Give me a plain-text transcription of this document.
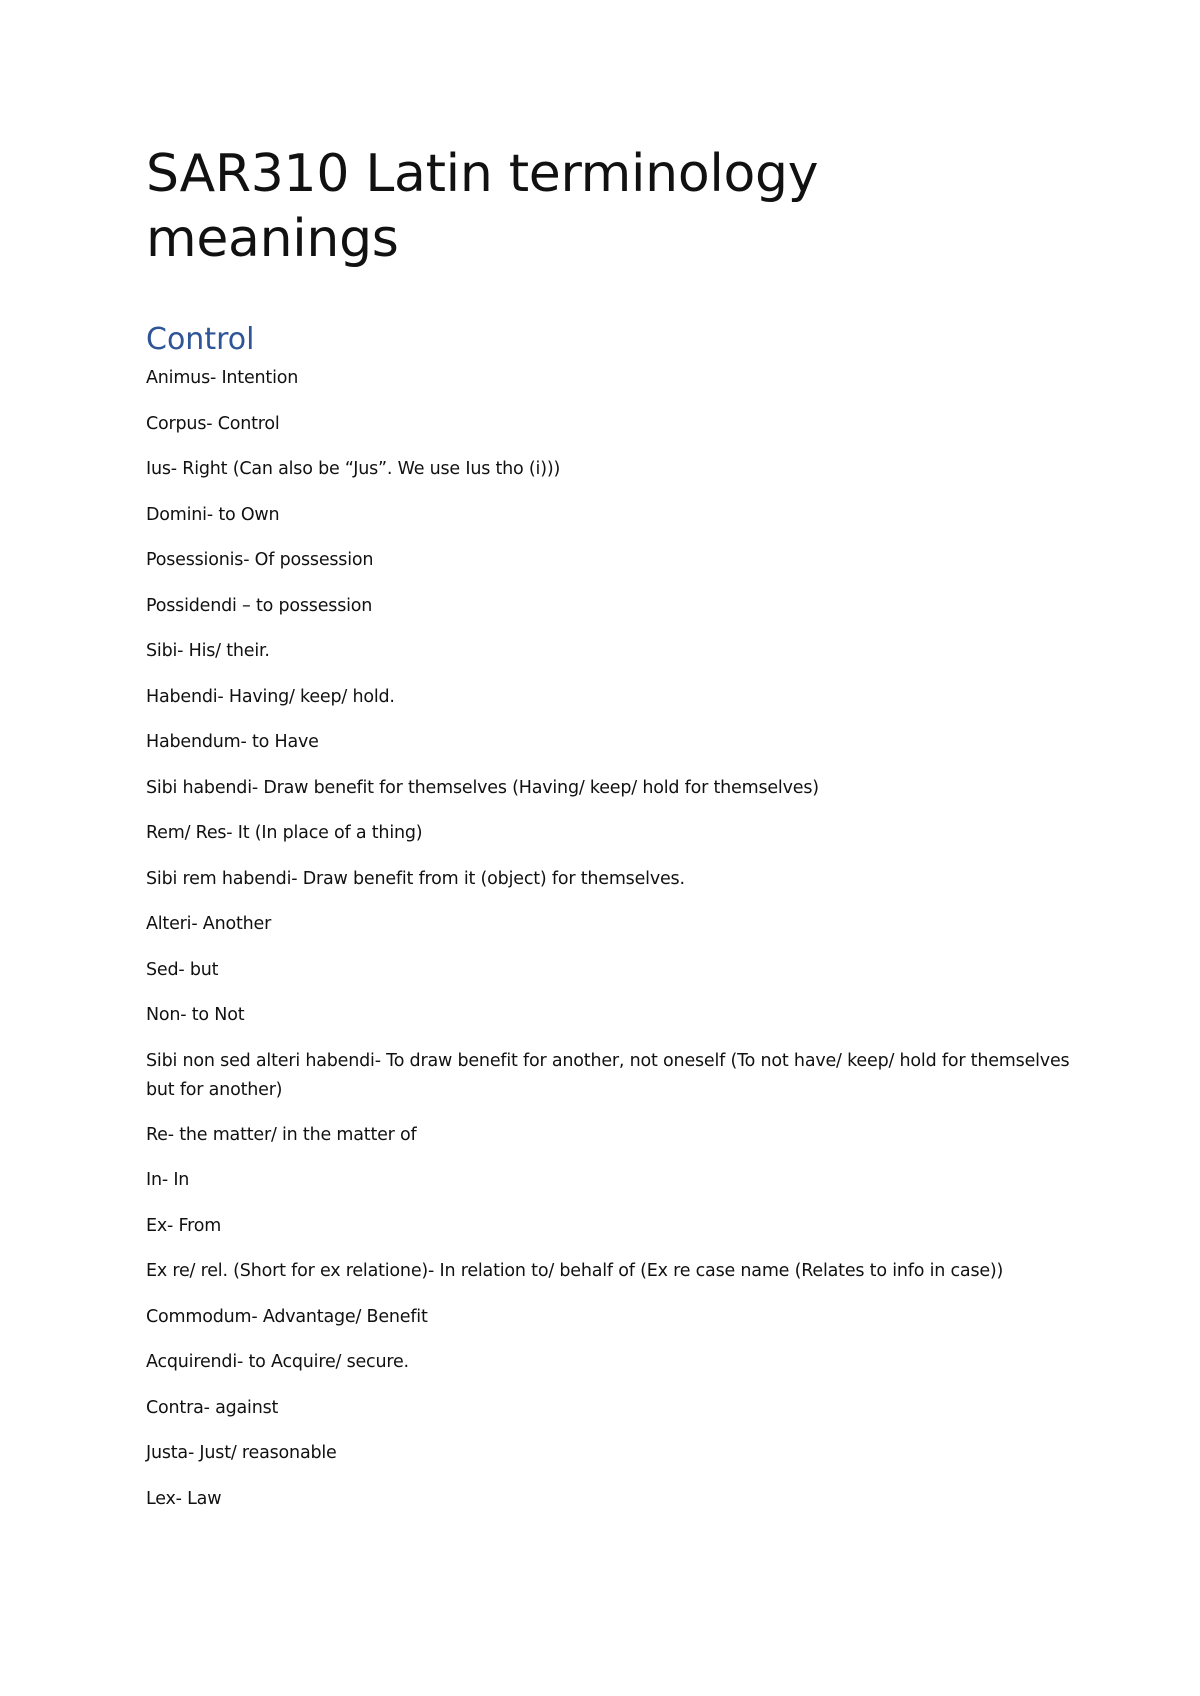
SAR310 Latin terminology meanings
Control
Animus- Intention
Corpus- Control
Ius- Right (Can also be “Jus”. We use Ius tho (i)))
Domini- to Own
Posessionis- Of possession
Possidendi – to possession
Sibi- His/ their.
Habendi- Having/ keep/ hold.
Habendum- to Have
Sibi habendi- Draw benefit for themselves (Having/ keep/ hold for themselves)
Rem/ Res- It (In place of a thing)
Sibi rem habendi- Draw benefit from it (object) for themselves.
Alteri- Another
Sed- but
Non- to Not
Sibi non sed alteri habendi- To draw benefit for another, not oneself (To not have/ keep/ hold for themselves but for another)
Re- the matter/ in the matter of
In- In
Ex- From
Ex re/ rel. (Short for ex relatione)- In relation to/ behalf of (Ex re case name (Relates to info in case))
Commodum- Advantage/ Benefit
Acquirendi- to Acquire/ secure.
Contra- against
Justa- Just/ reasonable
Lex- Law
